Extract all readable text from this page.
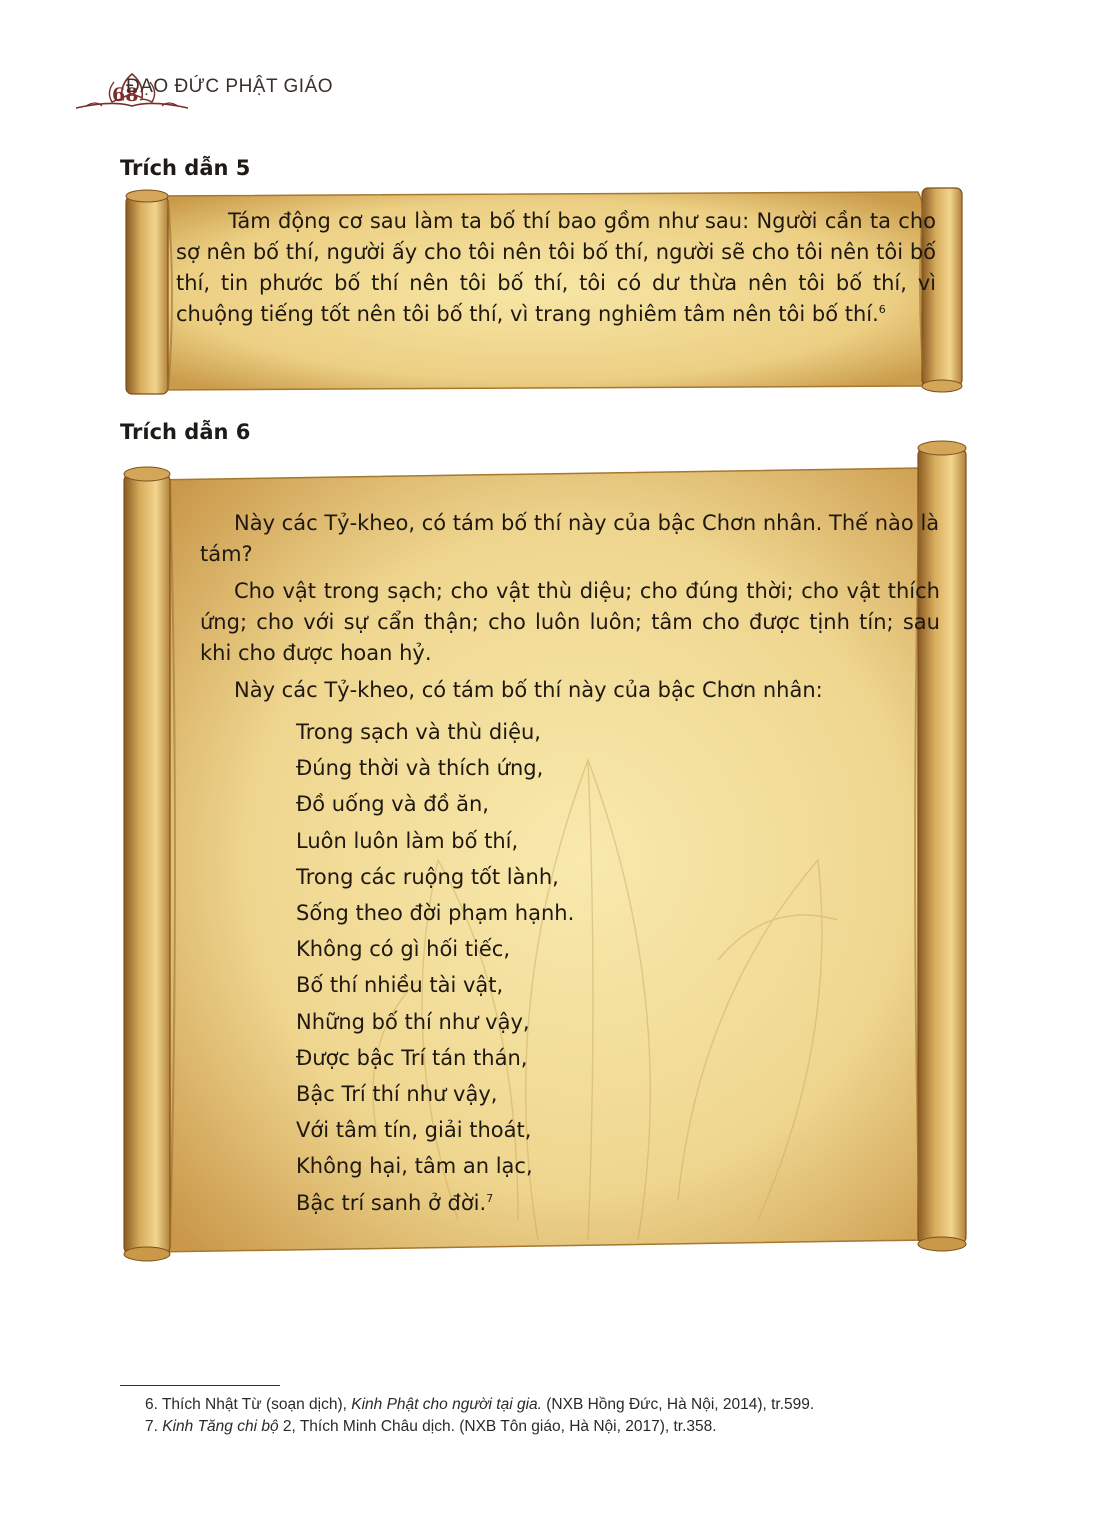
68
ĐẠO ĐỨC PHẬT GIÁO
Trích dẫn 5

Tám động cơ sau làm ta bố thí bao gồm như sau: Người cần ta cho sợ nên bố thí, người ấy cho tôi nên tôi bố thí, người sẽ cho tôi nên tôi bố thí, tin phước bố thí nên tôi bố thí, tôi có dư thừa nên tôi bố thí, vì chuộng tiếng tốt nên tôi bố thí, vì trang nghiêm tâm nên tôi bố thí.$^6$

Trích dẫn 6

Này các Tỷ-kheo, có tám bố thí này của bậc Chơn nhân. Thế nào là tám?

Cho vật trong sạch; cho vật thù diệu; cho đúng thời; cho vật thích ứng; cho với sự cẩn thận; cho luôn luôn; tâm cho được tịnh tín; sau khi cho được hoan hỷ.

Này các Tỷ-kheo, có tám bố thí này của bậc Chơn nhân:

Trong sạch và thù diệu,
Đúng thời và thích ứng,
Đồ uống và đồ ăn,
Luôn luôn làm bố thí,
Trong các ruộng tốt lành,
Sống theo đời phạm hạnh.
Không có gì hối tiếc,
Bố thí nhiều tài vật,
Những bố thí như vậy,
Được bậc Trí tán thán,
Bậc Trí thí như vậy,
Với tâm tín, giải thoát,
Không hại, tâm an lạc,
Bậc trí sanh ở đời.$^7$
6. Thích Nhật Từ (soạn dịch), Kinh Phật cho người tại gia. (NXB Hồng Đức, Hà Nội, 2014), tr.599.
7. Kinh Tăng chi bộ 2, Thích Minh Châu dịch. (NXB Tôn giáo, Hà Nội, 2017), tr.358.
